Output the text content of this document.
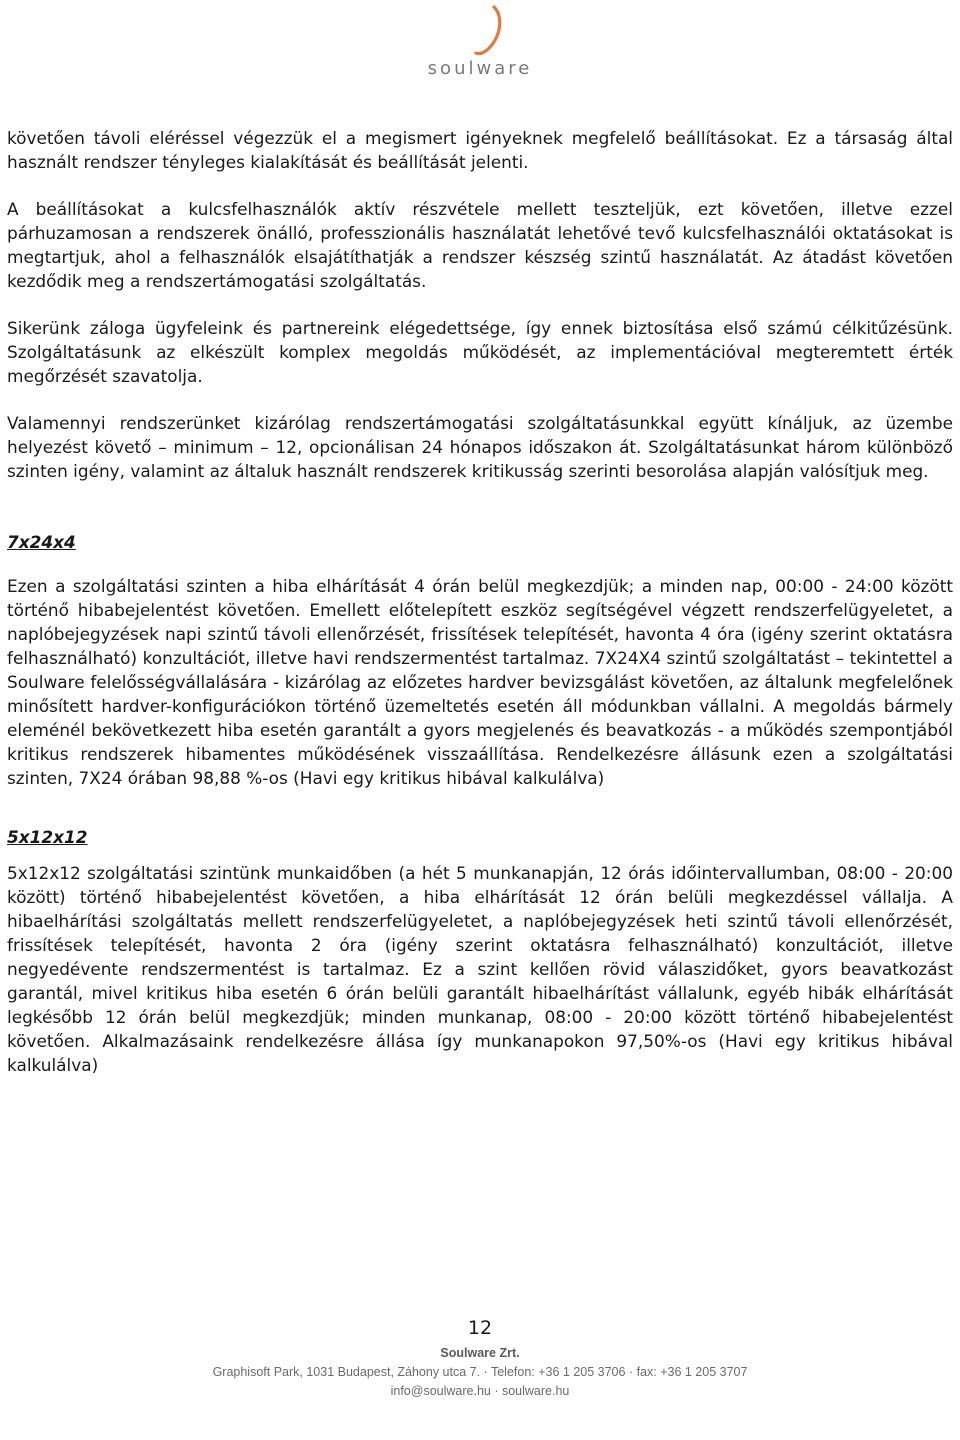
soulware

követően távoli eléréssel végezzük el a megismert igényeknek megfelelő beállításokat. Ez a társaság által használt rendszer tényleges kialakítását és beállítását jelenti.

A beállításokat a kulcsfelhasználók aktív részvétele mellett teszteljük, ezt követően, illetve ezzel párhuzamosan a rendszerek önálló, professzionális használatát lehetővé tevő kulcsfelhasználói oktatásokat is megtartjuk, ahol a felhasználók elsajátíthatják a rendszer készség szintű használatát. Az átadást követően kezdődik meg a rendszertámogatási szolgáltatás.

Sikerünk záloga ügyfeleink és partnereink elégedettsége, így ennek biztosítása első számú célkitűzésünk. Szolgáltatásunk az elkészült komplex megoldás működését, az implementációval megteremtett érték megőrzését szavatolja.

Valamennyi rendszerünket kizárólag rendszertámogatási szolgáltatásunkkal együtt kínáljuk, az üzembe helyezést követő – minimum – 12, opcionálisan 24 hónapos időszakon át. Szolgáltatásunkat három különböző szinten igény, valamint az általuk használt rendszerek kritikusság szerinti besorolása alapján valósítjuk meg.

7x24x4

Ezen a szolgáltatási szinten a hiba elhárítását 4 órán belül megkezdjük; a minden nap, 00:00 - 24:00 között történő hibabejelentést követően. Emellett előtelepített eszköz segítségével végzett rendszerfelügyeletet, a naplóbejegyzések napi szintű távoli ellenőrzését, frissítések telepítését, havonta 4 óra (igény szerint oktatásra felhasználható) konzultációt, illetve havi rendszermentést tartalmaz. 7X24X4 szintű szolgáltatást – tekintettel a Soulware felelősségvállalására - kizárólag az előzetes hardver bevizsgálást követően, az általunk megfelelőnek minősített hardver-konfigurációkon történő üzemeltetés esetén áll módunkban vállalni. A megoldás bármely eleménél bekövetkezett hiba esetén garantált a gyors megjelenés és beavatkozás - a működés szempontjából kritikus rendszerek hibamentes működésének visszaállítása. Rendelkezésre állásunk ezen a szolgáltatási szinten, 7X24 órában 98,88 %-os (Havi egy kritikus hibával kalkulálva)

5x12x12

5x12x12 szolgáltatási szintünk munkaidőben (a hét 5 munkanapján, 12 órás időintervallumban, 08:00 - 20:00 között) történő hibabejelentést követően, a hiba elhárítását 12 órán belüli megkezdéssel vállalja. A hibaelhárítási szolgáltatás mellett rendszerfelügyeletet, a naplóbejegyzések heti szintű távoli ellenőrzését, frissítések telepítését, havonta 2 óra (igény szerint oktatásra felhasználható) konzultációt, illetve negyedévente rendszermentést is tartalmaz. Ez a szint kellően rövid válaszidőket, gyors beavatkozást garantál, mivel kritikus hiba esetén 6 órán belüli garantált hibaelhárítást vállalunk, egyéb hibák elhárítását legkésőbb 12 órán belül megkezdjük; minden munkanap, 08:00 - 20:00 között történő hibabejelentést követően. Alkalmazásaink rendelkezésre állása így munkanapokon 97,50%-os (Havi egy kritikus hibával kalkulálva)

12
Soulware Zrt.
Graphisoft Park, 1031 Budapest, Záhony utca 7. · Telefon: +36 1 205 3706 · fax: +36 1 205 3707
info@soulware.hu · soulware.hu
